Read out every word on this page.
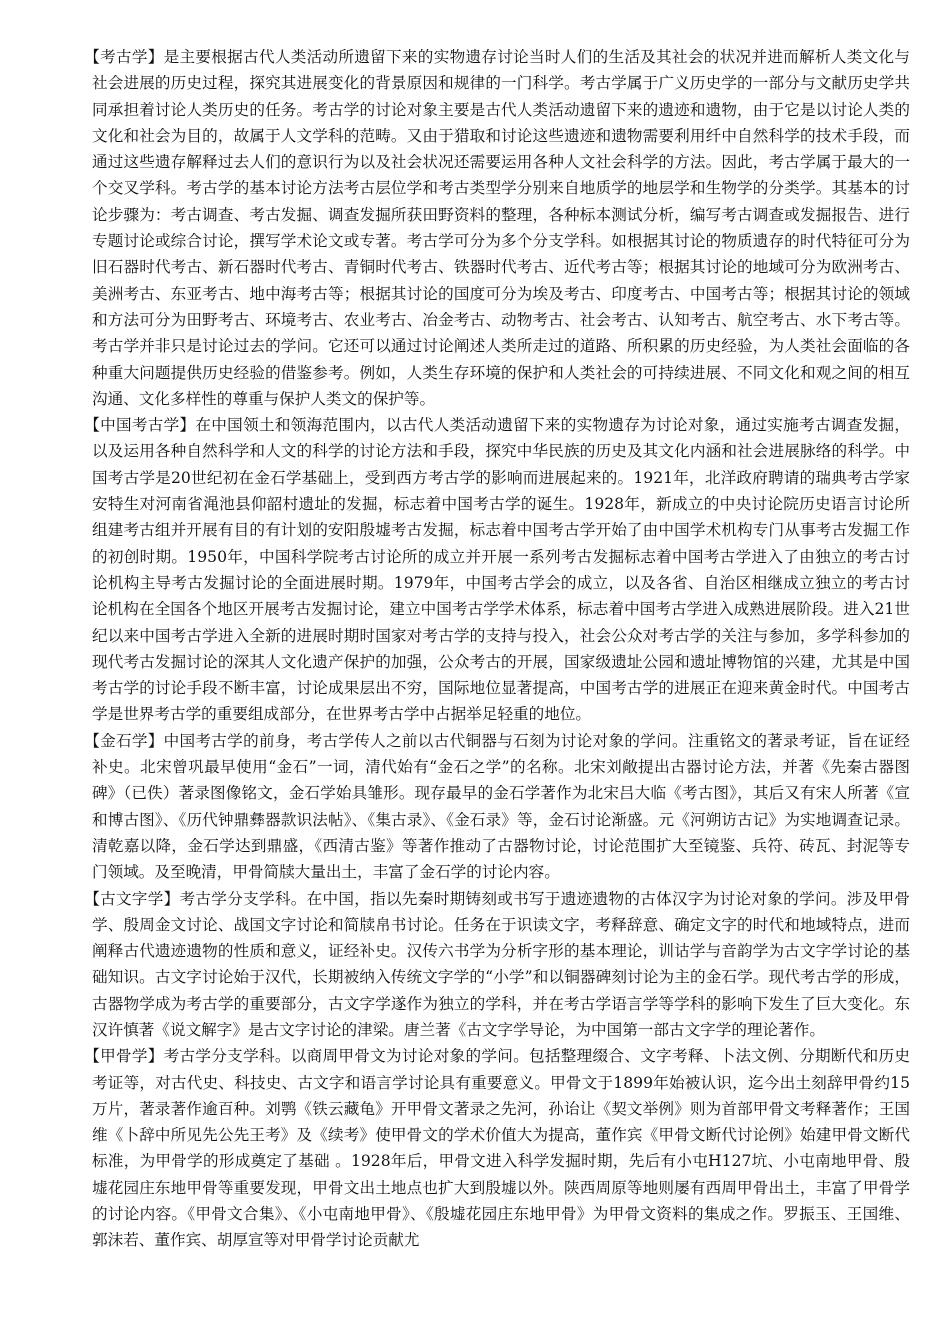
【考古学】是主要根据古代人类活动所遗留下来的实物遗存讨论当时人们的生活及其社会的状况并进而解析人类文化与社会进展的历史过程，探究其进展变化的背景原因和规律的一门科学。考古学属于广义历史学的一部分与文献历史学共同承担着讨论人类历史的任务。考古学的讨论对象主要是古代人类活动遗留下来的遗迹和遗物，由于它是以讨论人类的文化和社会为目的，故属于人文学科的范畴。又由于猎取和讨论这些遗迹和遗物需要利用纤中自然科学的技术手段，而通过这些遗存解释过去人们的意识行为以及社会状况还需要运用各种人文社会科学的方法。因此，考古学属于最大的一个交叉学科。考古学的基本讨论方法考古层位学和考古类型学分别来自地质学的地层学和生物学的分类学。其基本的讨论步骤为：考古调查、考古发掘、调查发掘所获田野资料的整理，各种标本测试分析，编写考古调查或发掘报告、进行专题讨论或综合讨论，撰写学术论文或专著。考古学可分为多个分支学科。如根据其讨论的物质遗存的时代特征可分为旧石器时代考古、新石器时代考古、青铜时代考古、铁器时代考古、近代考古等；根据其讨论的地域可分为欧洲考古、美洲考古、东亚考古、地中海考古等；根据其讨论的国度可分为埃及考古、印度考古、中国考古等；根据其讨论的领域和方法可分为田野考古、环境考古、农业考古、冶金考古、动物考古、社会考古、认知考古、航空考古、水下考古等。考古学并非只是讨论过去的学问。它还可以通过讨论阐述人类所走过的道路、所积累的历史经验，为人类社会面临的各种重大问题提供历史经验的借鉴参考。例如，人类生存环境的保护和人类社会的可持续进展、不同文化和观之间的相互沟通、文化多样性的尊重与保护人类文的保护等。

【中国考古学】在中国领土和领海范围内，以古代人类活动遗留下来的实物遗存为讨论对象，通过实施考古调查发掘，以及运用各种自然科学和人文的科学的讨论方法和手段，探究中华民族的历史及其文化内涵和社会进展脉络的科学。中国考古学是20世纪初在金石学基础上，受到西方考古学的影响而进展起来的。1921年，北洋政府聘请的瑞典考古学家安特生对河南省渑池县仰韶村遗址的发掘，标志着中国考古学的诞生。1928年，新成立的中央讨论院历史语言讨论所组建考古组并开展有目的有计划的安阳殷墟考古发掘，标志着中国考古学开始了由中国学术机构专门从事考古发掘工作的初创时期。1950年，中国科学院考古讨论所的成立并开展一系列考古发掘标志着中国考古学进入了由独立的考古讨论机构主导考古发掘讨论的全面进展时期。1979年，中国考古学会的成立，以及各省、自治区相继成立独立的考古讨论机构在全国各个地区开展考古发掘讨论，建立中国考古学学术体系，标志着中国考古学进入成熟进展阶段。进入21世纪以来中国考古学进入全新的进展时期时国家对考古学的支持与投入，社会公众对考古学的关注与参加，多学科参加的现代考古发掘讨论的深其人文化遗产保护的加强，公众考古的开展，国家级遗址公园和遗址博物馆的兴建，尤其是中国考古学的讨论手段不断丰富，讨论成果层出不穷，国际地位显著提高，中国考古学的进展正在迎来黄金时代。中国考古学是世界考古学的重要组成部分，在世界考古学中占据举足轻重的地位。

【金石学】中国考古学的前身，考古学传人之前以古代铜器与石刻为讨论对象的学问。注重铭文的著录考证，旨在证经补史。北宋曾巩最早使用“金石”一词，清代始有“金石之学”的名称。北宋刘敞提出古器讨论方法，并著《先秦古器图碑》（已佚）著录图像铭文，金石学始具雏形。现存最早的金石学著作为北宋吕大临《考古图》，其后又有宋人所著《宣和博古图》、《历代钟鼎彝器款识法帖》、《集古录》、《金石录》等，金石讨论渐盛。元《河朔访古记》为实地调查记录。清乾嘉以降，金石学达到鼎盛，《西清古鉴》等著作推动了古器物讨论，讨论范围扩大至镜鉴、兵符、砖瓦、封泥等专门领域。及至晚清，甲骨简牍大量出土，丰富了金石学的讨论内容。

【古文字学】考古学分支学科。在中国，指以先秦时期铸刻或书写于遗迹遗物的古体汉字为讨论对象的学问。涉及甲骨学、殷周金文讨论、战国文字讨论和简牍帛书讨论。任务在于识读文字，考释辞意、确定文字的时代和地域特点，进而阐释古代遗迹遗物的性质和意义，证经补史。汉传六书学为分析字形的基本理论，训诂学与音韵学为古文字学讨论的基础知识。古文字讨论始于汉代，长期被纳入传统文字学的“小学”和以铜器碑刻讨论为主的金石学。现代考古学的形成，古器物学成为考古学的重要部分，古文字学遂作为独立的学科，并在考古学语言学等学科的影响下发生了巨大变化。东汉许慎著《说文解字》是古文字讨论的津梁。唐兰著《古文字学导论，为中国第一部古文字学的理论著作。

【甲骨学】考古学分支学科。以商周甲骨文为讨论对象的学问。包括整理缀合、文字考释、卜法文例、分期断代和历史考证等，对古代史、科技史、古文字和语言学讨论具有重要意义。甲骨文于1899年始被认识，迄今出土刻辞甲骨约15万片，著录著作逾百种。刘鹗《铁云藏龟》开甲骨文著录之先河，孙诒让《契文举例》则为首部甲骨文考释著作；王国维《卜辞中所见先公先王考》及《续考》使甲骨文的学术价值大为提高，董作宾《甲骨文断代讨论例》始建甲骨文断代标准，为甲骨学的形成奠定了基础 。1928年后，甲骨文进入科学发掘时期，先后有小屯H127坑、小屯南地甲骨、殷墟花园庄东地甲骨等重要发现，甲骨文出土地点也扩大到殷墟以外。陕西周原等地则屡有西周甲骨出土，丰富了甲骨学的讨论内容。《甲骨文合集》、《小屯南地甲骨》、《殷墟花园庄东地甲骨》为甲骨文资料的集成之作。罗振玉、王国维、郭沫若、董作宾、胡厚宣等对甲骨学讨论贡献尤
